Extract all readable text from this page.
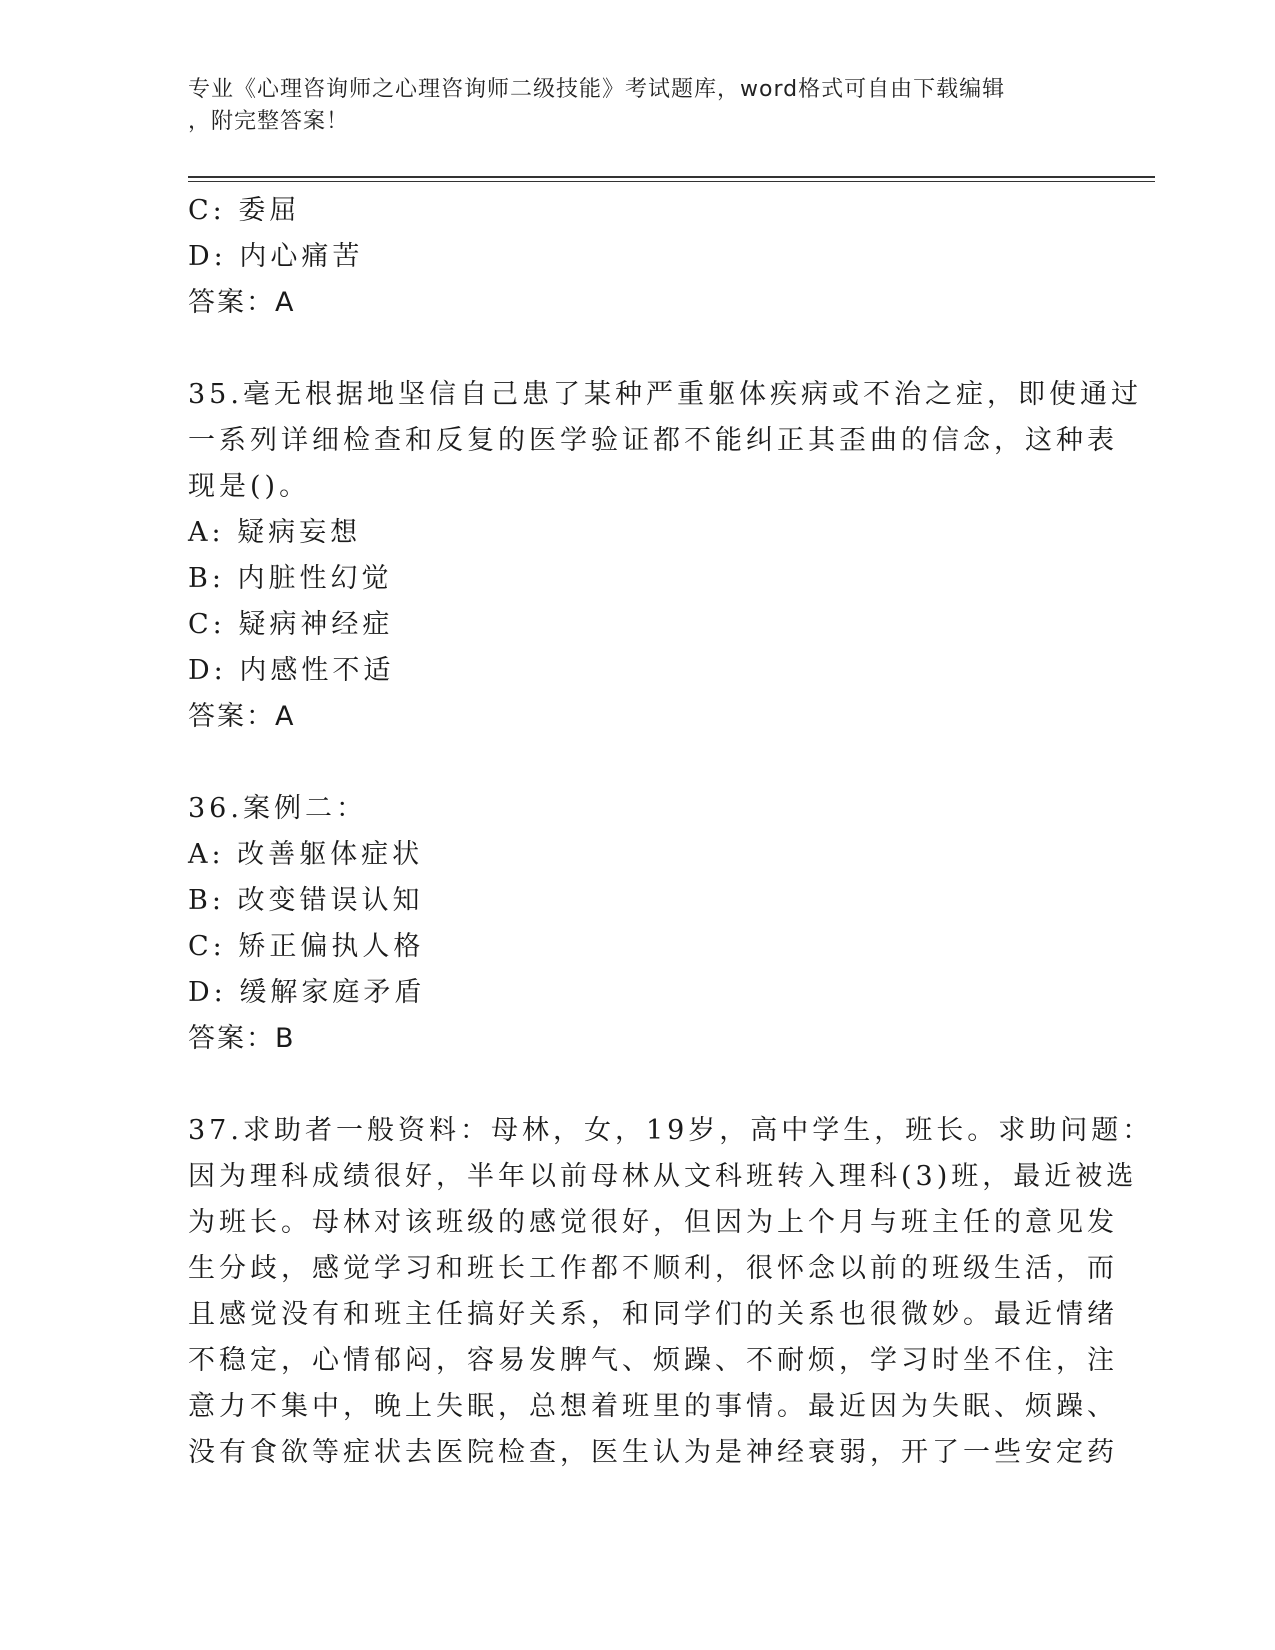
专业《心理咨询师之心理咨询师二级技能》考试题库，word格式可自由下载编辑
，附完整答案！
C: 委屈
D: 内心痛苦
答案：A
35.毫无根据地坚信自己患了某种严重躯体疾病或不治之症，即使通过
一系列详细检查和反复的医学验证都不能纠正其歪曲的信念，这种表
现是()。
A: 疑病妄想
B: 内脏性幻觉
C: 疑病神经症
D: 内感性不适
答案：A
36.案例二：
A: 改善躯体症状
B: 改变错误认知
C: 矫正偏执人格
D: 缓解家庭矛盾
答案：B
37.求助者一般资料：母林，女，19岁，高中学生，班长。求助问题：
因为理科成绩很好，半年以前母林从文科班转入理科(3)班，最近被选
为班长。母林对该班级的感觉很好，但因为上个月与班主任的意见发
生分歧，感觉学习和班长工作都不顺利，很怀念以前的班级生活，而
且感觉没有和班主任搞好关系，和同学们的关系也很微妙。最近情绪
不稳定，心情郁闷，容易发脾气、烦躁、不耐烦，学习时坐不住，注
意力不集中，晚上失眠，总想着班里的事情。最近因为失眠、烦躁、
没有食欲等症状去医院检查，医生认为是神经衰弱，开了一些安定药
